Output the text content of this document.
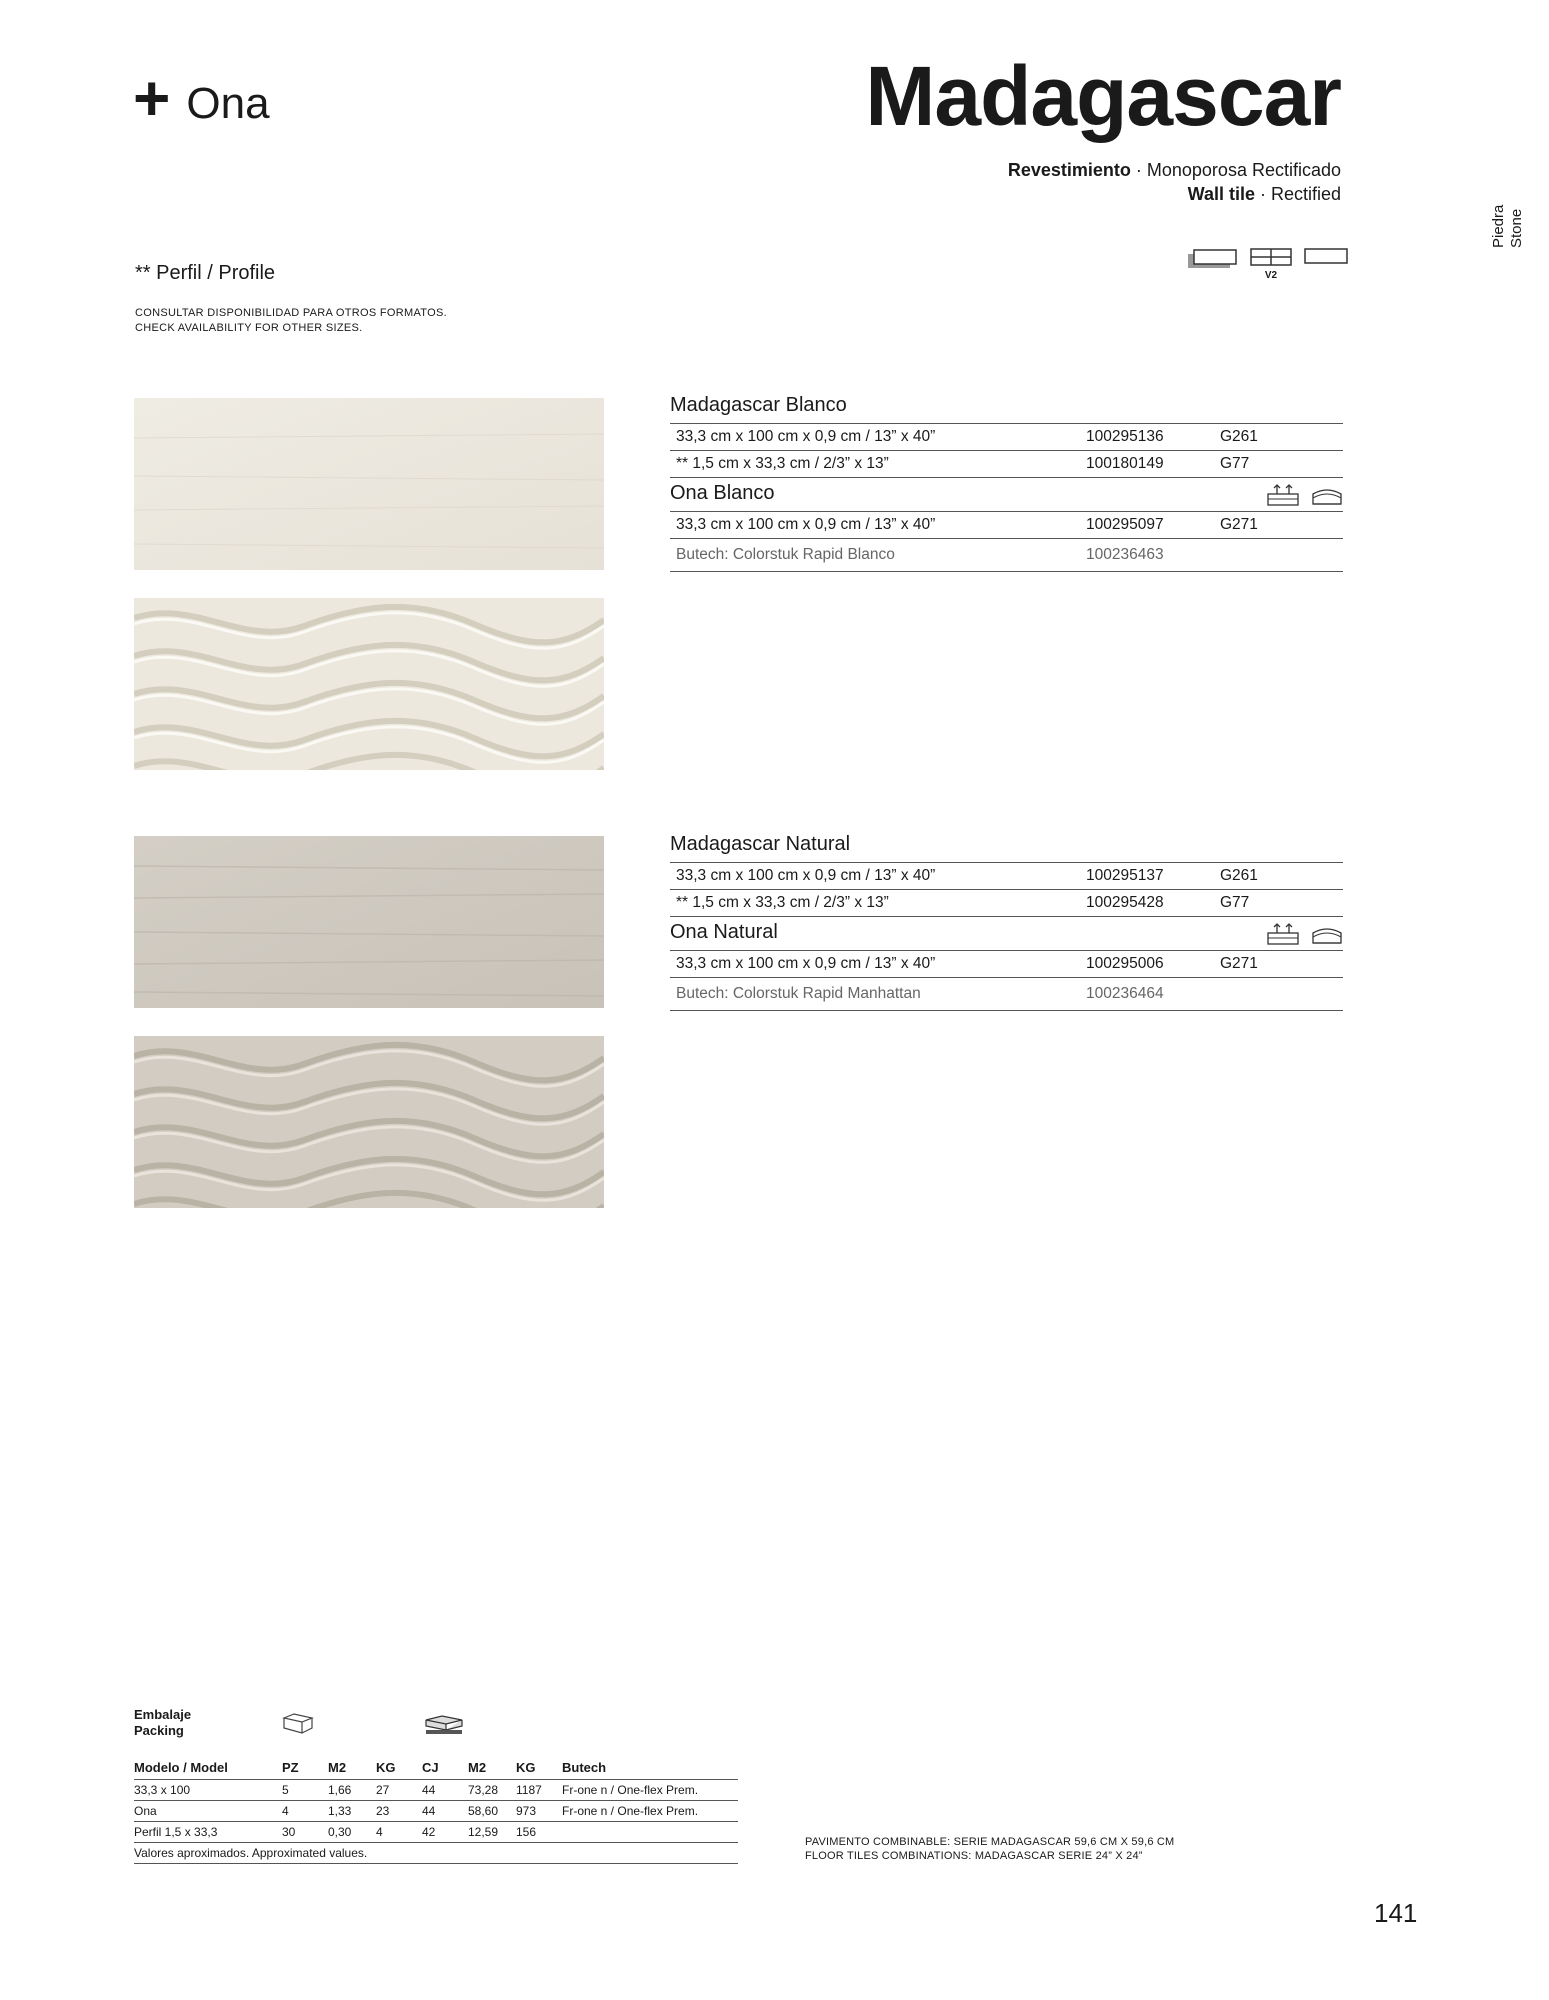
+ Ona	Madagascar
Revestimiento · Monoporosa Rectificado
Wall tile · Rectified
Piedra Stone
V2
** Perfil / Profile
CONSULTAR DISPONIBILIDAD PARA OTROS FORMATOS.
CHECK AVAILABILITY FOR OTHER SIZES.
Madagascar Blanco
33,3 cm x 100 cm x 0,9 cm / 13” x 40”	100295136	G261
** 1,5 cm x 33,3 cm / 2/3” x 13”	100180149	G77
Ona Blanco
33,3 cm x 100 cm x 0,9 cm / 13” x 40”	100295097	G271
Butech: Colorstuk Rapid Blanco	100236463
Madagascar Natural
33,3 cm x 100 cm x 0,9 cm / 13” x 40”	100295137	G261
** 1,5 cm x 33,3 cm / 2/3” x 13”	100295428	G77
Ona Natural
33,3 cm x 100 cm x 0,9 cm / 13” x 40”	100295006	G271
Butech: Colorstuk Rapid Manhattan	100236464
Embalaje
Packing
Modelo / Model	PZ	M2	KG	CJ	M2	KG	Butech
33,3 x 100	5	1,66	27	44	73,28	1187	Fr-one n / One-flex Prem.
Ona	4	1,33	23	44	58,60	973	Fr-one n / One-flex Prem.
Perfil 1,5 x 33,3	30	0,30	4	42	12,59	156
Valores aproximados. Approximated values.
PAVIMENTO COMBINABLE: SERIE MADAGASCAR 59,6 CM X 59,6 CM
FLOOR TILES COMBINATIONS: MADAGASCAR SERIE 24” X 24”
141
